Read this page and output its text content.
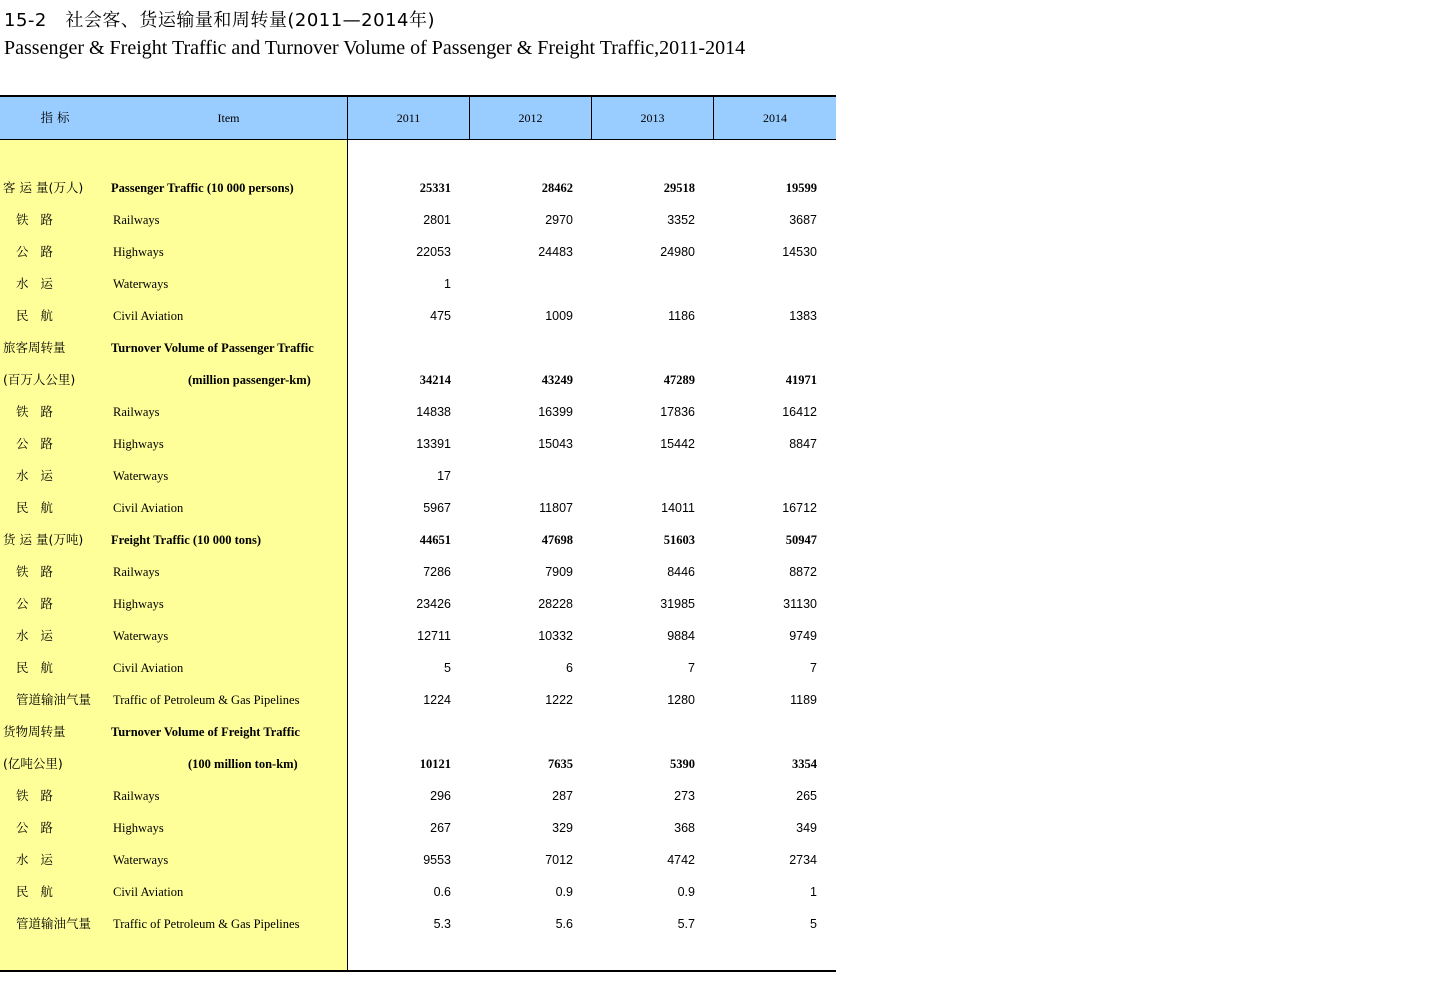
15-2　社会客、货运输量和周转量(2011—2014年)
Passenger & Freight Traffic and Turnover Volume of Passenger & Freight Traffic,2011-2014
指 标	Item	2011	2012	2013	2014
客 运 量(万人) Passenger Traffic (10 000 persons)	25331	28462	29518	19599
铁   路	Railways	2801	2970	3352	3687
公   路	Highways	22053	24483	24980	14530
水   运	Waterways	1
民   航	Civil Aviation	475	1009	1186	1383
旅客周转量	Turnover Volume of Passenger Traffic
(百万人公里)	(million passenger-km)	34214	43249	47289	41971
铁   路	Railways	14838	16399	17836	16412
公   路	Highways	13391	15043	15442	8847
水   运	Waterways	17
民   航	Civil Aviation	5967	11807	14011	16712
货 运 量(万吨) Freight Traffic (10 000 tons)	44651	47698	51603	50947
铁   路	Railways	7286	7909	8446	8872
公   路	Highways	23426	28228	31985	31130
水   运	Waterways	12711	10332	9884	9749
民   航	Civil Aviation	5	6	7	7
管道输油气量 Traffic of Petroleum & Gas Pipelines	1224	1222	1280	1189
货物周转量	Turnover Volume of Freight Traffic
(亿吨公里)	(100 million ton-km)	10121	7635	5390	3354
铁   路	Railways	296	287	273	265
公   路	Highways	267	329	368	349
水   运	Waterways	9553	7012	4742	2734
民   航	Civil Aviation	0.6	0.9	0.9	1
管道输油气量 Traffic of Petroleum & Gas Pipelines	5.3	5.6	5.7	5
